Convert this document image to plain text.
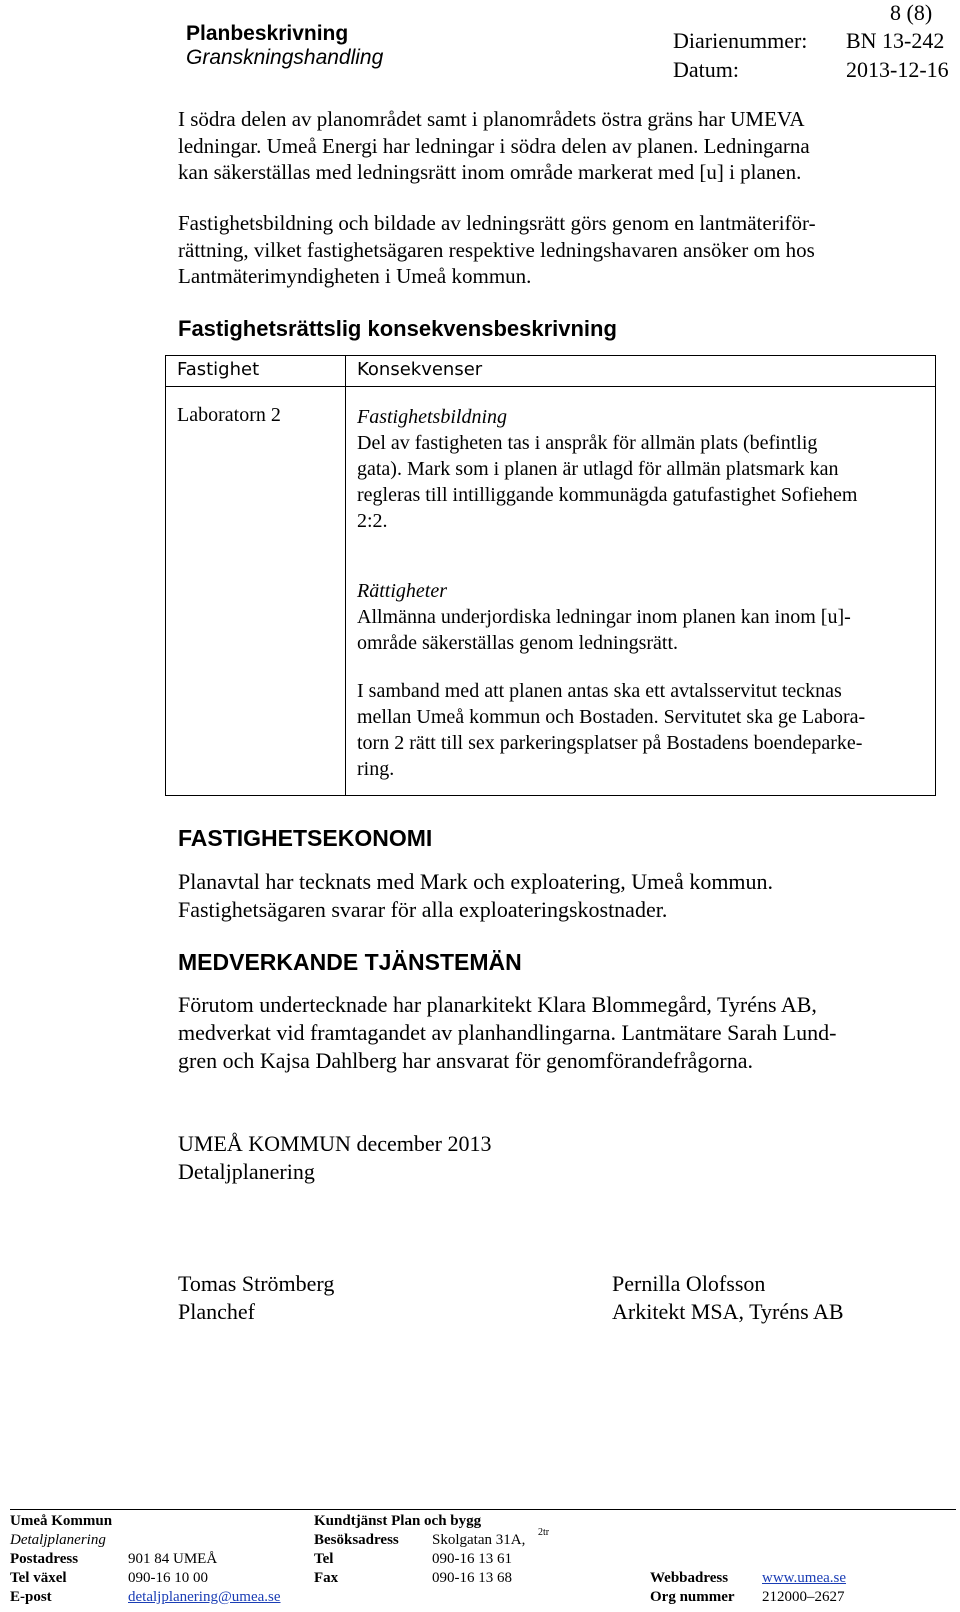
Planbeskrivning
Granskningshandling
8 (8)
Diarienummer: BN 13-242
Datum:	2013-12-16
I södra delen av planområdet samt i planområdets östra gräns har UMEVA
ledningar. Umeå Energi har ledningar i södra delen av planen. Ledningarna
kan säkerställas med ledningsrätt inom område markerat med [u] i planen.
Fastighetsbildning och bildade av ledningsrätt görs genom en lantmäteriför-
rättning, vilket fastighetsägaren respektive ledningshavaren ansöker om hos
Lantmäterimyndigheten i Umeå kommun.
Fastighetsrättslig konsekvensbeskrivning
Fastighet	Konsekvenser
Laboratorn 2	Fastighetsbildning
Del av fastigheten tas i anspråk för allmän plats (befintlig
gata). Mark som i planen är utlagd för allmän platsmark kan
regleras till intilliggande kommunägda gatufastighet Sofiehem
2:2.
Rättigheter
Allmänna underjordiska ledningar inom planen kan inom [u]-
område säkerställas genom ledningsrätt.
I samband med att planen antas ska ett avtalsservitut tecknas
mellan Umeå kommun och Bostaden. Servitutet ska ge Labora-
torn 2 rätt till sex parkeringsplatser på Bostadens boendeparke-
ring.
FASTIGHETSEKONOMI
Planavtal har tecknats med Mark och exploatering, Umeå kommun.
Fastighetsägaren svarar för alla exploateringskostnader.
MEDVERKANDE TJÄNSTEMÄN
Förutom undertecknade har planarkitekt Klara Blommegård, Tyréns AB,
medverkat vid framtagandet av planhandlingarna. Lantmätare Sarah Lund-
gren och Kajsa Dahlberg har ansvarat för genomförandefrågorna.
UMEÅ KOMMUN december 2013
Detaljplanering
Tomas Strömberg
Planchef
Pernilla Olofsson
Arkitekt MSA, Tyréns AB
Umeå Kommun
Detaljplanering
Postadress	901 84 UMEÅ
Tel växel	090-16 10 00
E-post	detaljplanering@umea.se
Kundtjänst Plan och bygg
Besöksadress Skolgatan 31A, 2tr
Tel	090-16 13 61
Fax	090-16 13 68	Webbadress www.umea.se
Org nummer 212000–2627
